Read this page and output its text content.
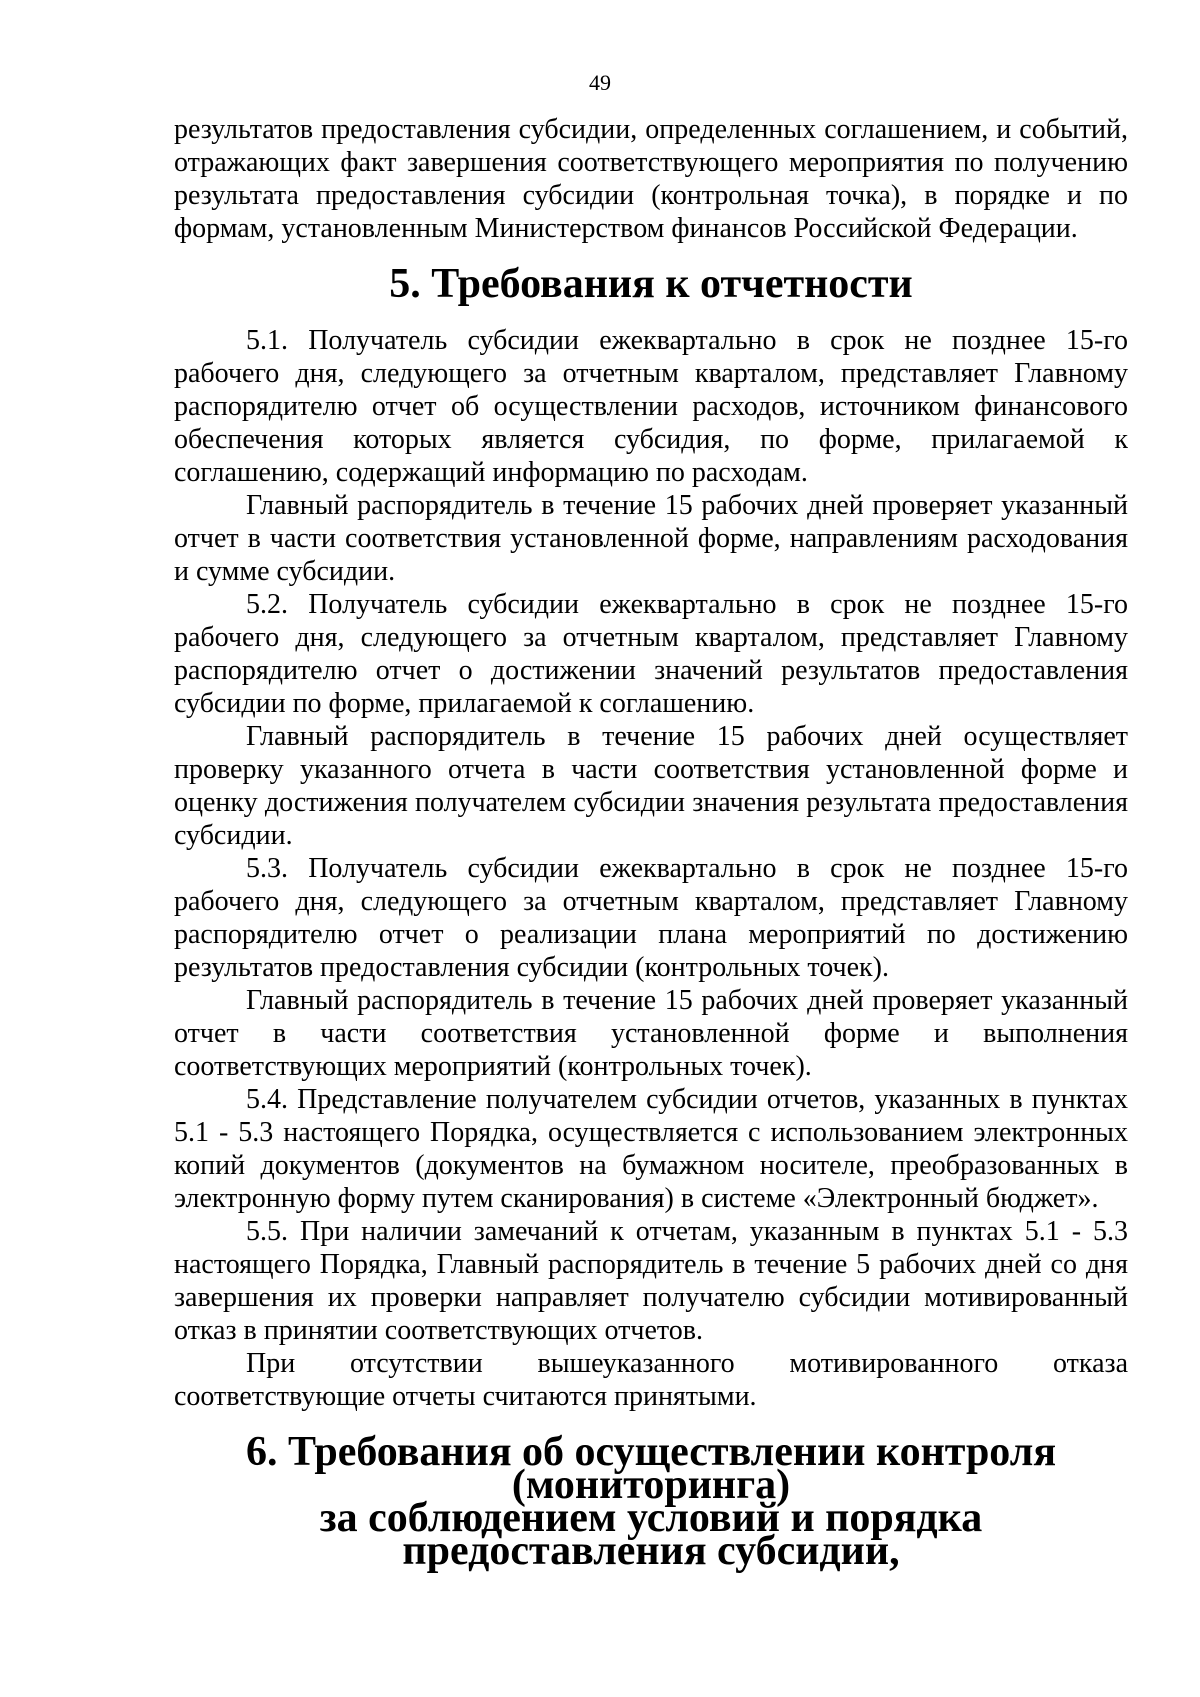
49

результатов предоставления субсидии, определенных соглашением, и событий, отражающих факт завершения соответствующего мероприятия по получению результата предоставления субсидии (контрольная точка), в порядке и по формам, установленным Министерством финансов Российской Федерации.

5. Требования к отчетности

5.1. Получатель субсидии ежеквартально в срок не позднее 15-го рабочего дня, следующего за отчетным кварталом, представляет Главному распорядителю отчет об осуществлении расходов, источником финансового обеспечения которых является субсидия, по форме, прилагаемой к соглашению, содержащий информацию по расходам.

Главный распорядитель в течение 15 рабочих дней проверяет указанный отчет в части соответствия установленной форме, направлениям расходования и сумме субсидии.

5.2. Получатель субсидии ежеквартально в срок не позднее 15-го рабочего дня, следующего за отчетным кварталом, представляет Главному распорядителю отчет о достижении значений результатов предоставления субсидии по форме, прилагаемой к соглашению.

Главный распорядитель в течение 15 рабочих дней осуществляет проверку указанного отчета в части соответствия установленной форме и оценку достижения получателем субсидии значения результата предоставления субсидии.

5.3. Получатель субсидии ежеквартально в срок не позднее 15-го рабочего дня, следующего за отчетным кварталом, представляет Главному распорядителю отчет о реализации плана мероприятий по достижению результатов предоставления субсидии (контрольных точек).

Главный распорядитель в течение 15 рабочих дней проверяет указанный отчет в части соответствия установленной форме и выполнения соответствующих мероприятий (контрольных точек).

5.4. Представление получателем субсидии отчетов, указанных в пунктах 5.1 - 5.3 настоящего Порядка, осуществляется с использованием электронных копий документов (документов на бумажном носителе, преобразованных в электронную форму путем сканирования) в системе «Электронный бюджет».

5.5. При наличии замечаний к отчетам, указанным в пунктах 5.1 - 5.3 настоящего Порядка, Главный распорядитель в течение 5 рабочих дней со дня завершения их проверки направляет получателю субсидии мотивированный отказ в принятии соответствующих отчетов.

При отсутствии вышеуказанного мотивированного отказа соответствующие отчеты считаются принятыми.

6. Требования об осуществлении контроля (мониторинга)
за соблюдением условий и порядка предоставления субсидии,
